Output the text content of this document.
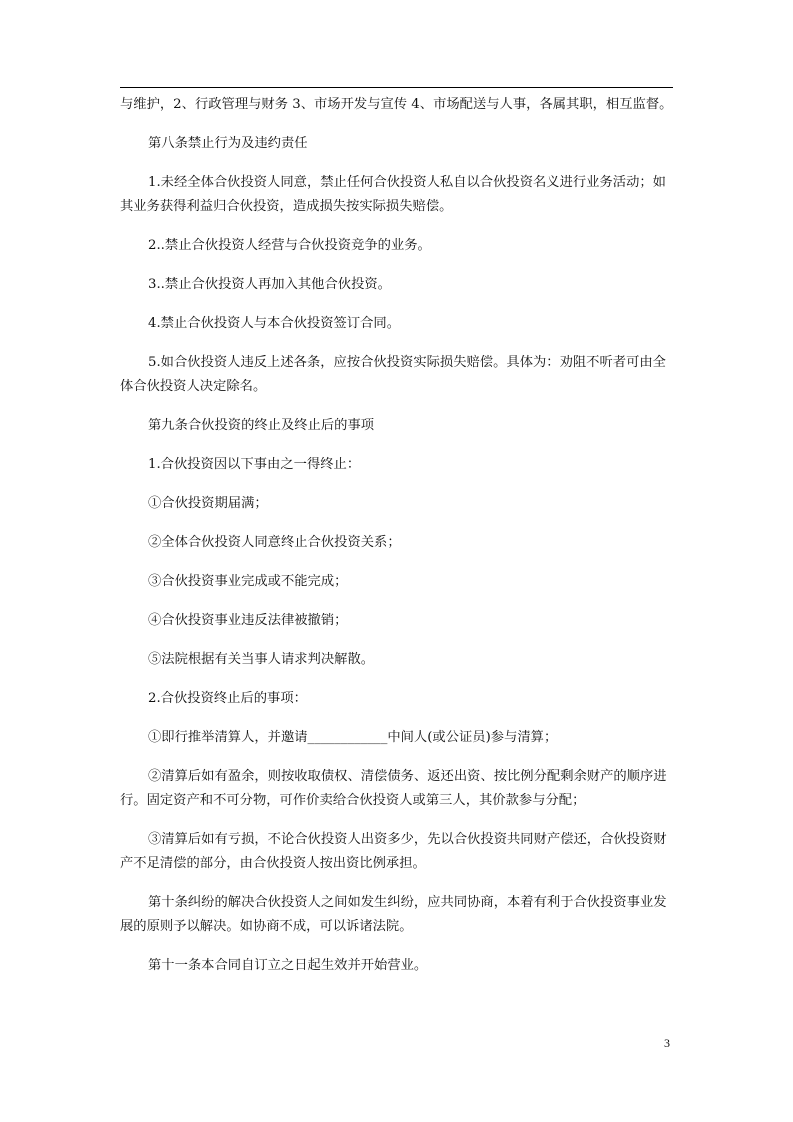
与维护，2、行政管理与财务 3、市场开发与宣传 4、市场配送与人事，各属其职，相互监督。

第八条禁止行为及违约责任

1.未经全体合伙投资人同意，禁止任何合伙投资人私自以合伙投资名义进行业务活动；如其业务获得利益归合伙投资，造成损失按实际损失赔偿。

2..禁止合伙投资人经营与合伙投资竞争的业务。

3..禁止合伙投资人再加入其他合伙投资。

4.禁止合伙投资人与本合伙投资签订合同。

5.如合伙投资人违反上述各条，应按合伙投资实际损失赔偿。具体为：劝阻不听者可由全体合伙投资人决定除名。

第九条合伙投资的终止及终止后的事项

1.合伙投资因以下事由之一得终止：

①合伙投资期届满；

②全体合伙投资人同意终止合伙投资关系；

③合伙投资事业完成或不能完成；

④合伙投资事业违反法律被撤销；

⑤法院根据有关当事人请求判决解散。

2.合伙投资终止后的事项：

①即行推举清算人，并邀请____________中间人(或公证员)参与清算；

②清算后如有盈余，则按收取债权、清偿债务、返还出资、按比例分配剩余财产的顺序进行。固定资产和不可分物，可作价卖给合伙投资人或第三人，其价款参与分配；

③清算后如有亏损，不论合伙投资人出资多少，先以合伙投资共同财产偿还，合伙投资财产不足清偿的部分，由合伙投资人按出资比例承担。

第十条纠纷的解决合伙投资人之间如发生纠纷，应共同协商，本着有利于合伙投资事业发展的原则予以解决。如协商不成，可以诉诸法院。

第十一条本合同自订立之日起生效并开始营业。

3
